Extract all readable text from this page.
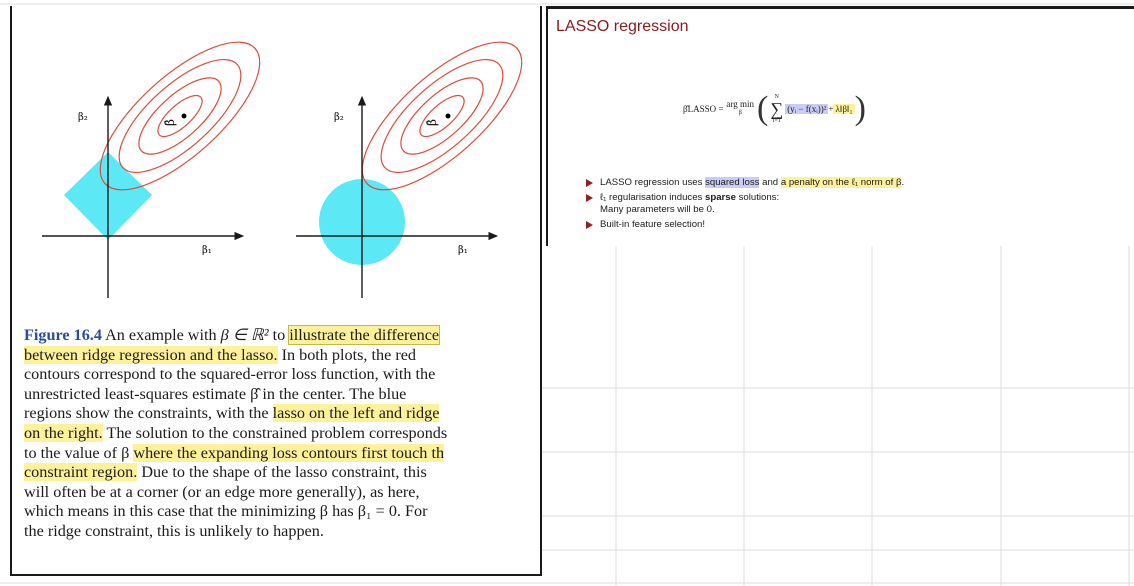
β̂
β₂
β₁
β̂
β₂
β₁
Figure 16.4 An example with β ∈ ℝ² to illustrate the difference
between ridge regression and the lasso. In both plots, the red
contours correspond to the squared-error loss function, with the
unrestricted least-squares estimate β̂ in the center. The blue
regions show the constraints, with the lasso on the left and ridge
on the right. The solution to the constrained problem corresponds
to the value of β where the expanding loss contours first touch th
constraint region. Due to the shape of the lasso constraint, this
will often be at a corner (or an edge more generally), as here,
which means in this case that the minimizing β has β₁ = 0. For
the ridge constraint, this is unlikely to happen.
LASSO regression
β̂LASSO = arg min
β ( N
∑
i=1
(yᵢ − f(xᵢ))² + λ‖β‖₁ )
LASSO regression uses squared loss and a penalty on the ℓ₁ norm of β.
ℓ₁ regularisation induces sparse solutions:
Many parameters will be 0.
Built-in feature selection!
